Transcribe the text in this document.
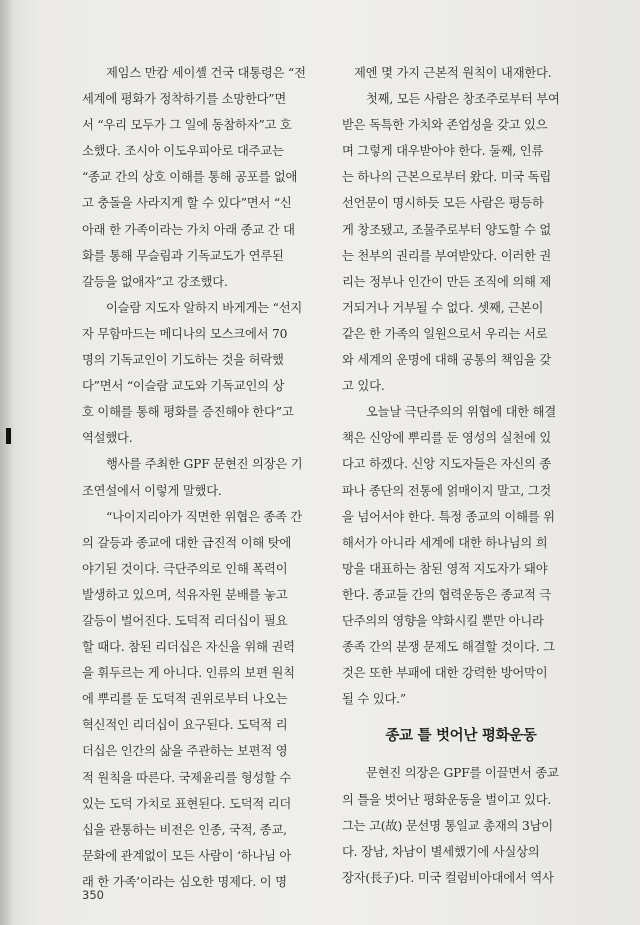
제임스 만캄 세이셸 건국 대통령은 “전
세계에 평화가 정착하기를 소망한다”면
서 “우리 모두가 그 일에 동참하자”고 호
소했다. 조시아 이도우피아로 대주교는
“종교 간의 상호 이해를 통해 공포를 없애
고 충돌을 사라지게 할 수 있다”면서 “신
아래 한 가족이라는 가치 아래 종교 간 대
화를 통해 무슬림과 기독교도가 연루된
갈등을 없애자”고 강조했다.
이슬람 지도자 알하지 바게게는 “선지
자 무함마드는 메디나의 모스크에서 70
명의 기독교인이 기도하는 것을 허락했
다”면서 “이슬람 교도와 기독교인의 상
호 이해를 통해 평화를 증진해야 한다”고
역설했다.
행사를 주최한 GPF 문현진 의장은 기
조연설에서 이렇게 말했다.
“나이지리아가 직면한 위협은 종족 간
의 갈등과 종교에 대한 급진적 이해 탓에
야기된 것이다. 극단주의로 인해 폭력이
발생하고 있으며, 석유자원 분배를 놓고
갈등이 벌어진다. 도덕적 리더십이 필요
할 때다. 참된 리더십은 자신을 위해 권력
을 휘두르는 게 아니다. 인류의 보편 원칙
에 뿌리를 둔 도덕적 권위로부터 나오는
혁신적인 리더십이 요구된다. 도덕적 리
더십은 인간의 삶을 주관하는 보편적 영
적 원칙을 따른다. 국제윤리를 형성할 수
있는 도덕 가치로 표현된다. 도덕적 리더
십을 관통하는 비전은 인종, 국적, 종교,
문화에 관계없이 모든 사람이 ‘하나님 아
래 한 가족’이라는 심오한 명제다. 이 명
제엔 몇 가지 근본적 원칙이 내재한다.
첫째, 모든 사람은 창조주로부터 부여
받은 독특한 가치와 존엄성을 갖고 있으
며 그렇게 대우받아야 한다. 둘째, 인류
는 하나의 근본으로부터 왔다. 미국 독립
선언문이 명시하듯 모든 사람은 평등하
게 창조됐고, 조물주로부터 양도할 수 없
는 천부의 권리를 부여받았다. 이러한 권
리는 정부나 인간이 만든 조직에 의해 제
거되거나 거부될 수 없다. 셋째, 근본이
같은 한 가족의 일원으로서 우리는 서로
와 세계의 운명에 대해 공통의 책임을 갖
고 있다.
오늘날 극단주의의 위협에 대한 해결
책은 신앙에 뿌리를 둔 영성의 실천에 있
다고 하겠다. 신앙 지도자들은 자신의 종
파나 종단의 전통에 얽매이지 말고, 그것
을 넘어서야 한다. 특정 종교의 이해를 위
해서가 아니라 세계에 대한 하나님의 희
망을 대표하는 참된 영적 지도자가 돼야
한다. 종교들 간의 협력운동은 종교적 극
단주의의 영향을 약화시킬 뿐만 아니라
종족 간의 분쟁 문제도 해결할 것이다. 그
것은 또한 부패에 대한 강력한 방어막이
될 수 있다.”
종교 틀 벗어난 평화운동
문현진 의장은 GPF를 이끌면서 종교
의 틀을 벗어난 평화운동을 벌이고 있다.
그는 고(故) 문선명 통일교 총재의 3남이
다. 장남, 차남이 별세했기에 사실상의
장자(長子)다. 미국 컬럼비아대에서 역사
350
